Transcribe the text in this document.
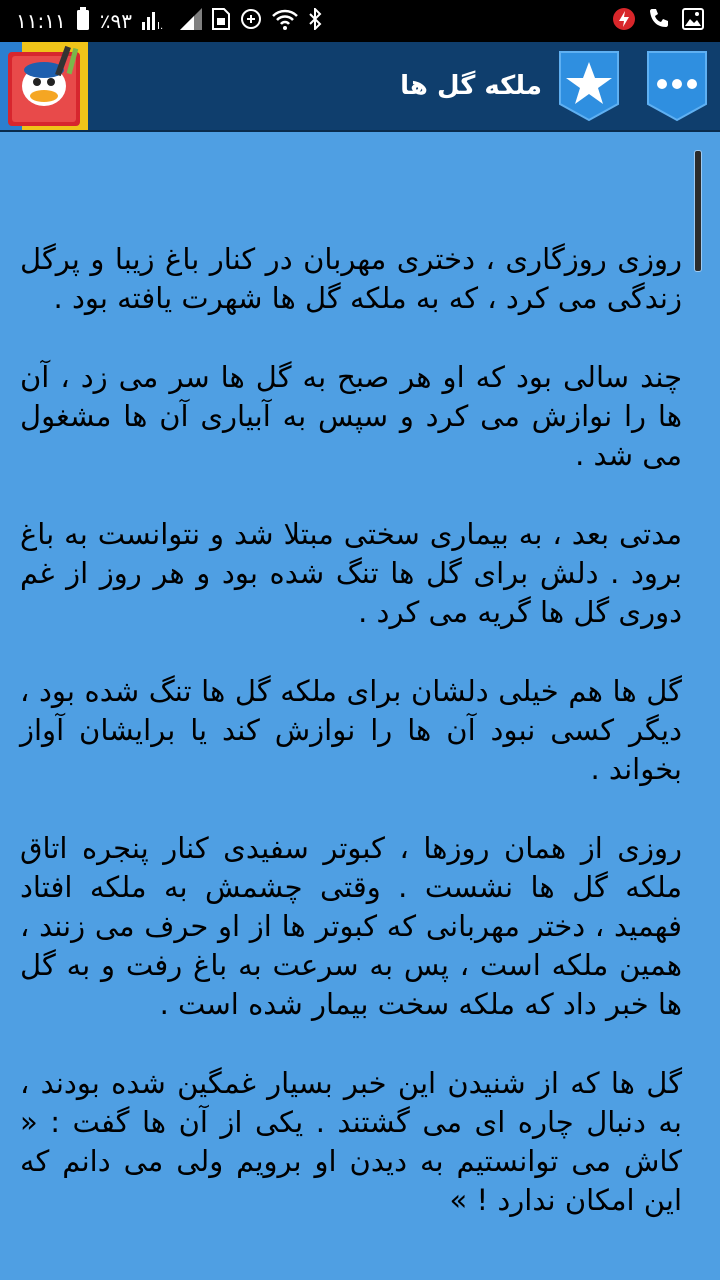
۱۱:۱۱ ٪۹۳	I.
ملکه گل ها

روزی روزگاری ، دختری مهربان در کنار باغ زیبا و پرگل زندگی می کرد ، که به ملکه گل ها شهرت یافته بود .

چند سالی بود که او هر صبح به گل ها سر می زد ، آن ها را نوازش می کرد و سپس به آبیاری آن ها مشغول می شد .

مدتی بعد ، به بیماری سختی مبتلا شد و نتوانست به باغ برود . دلش برای گل ها تنگ شده بود و هر روز از غم دوری گل ها گریه می کرد .

گل ها هم خیلی دلشان برای ملکه گل ها تنگ شده بود ، دیگر کسی نبود آن ها را نوازش کند یا برایشان آواز بخواند .

روزی از همان روزها ، کبوتر سفیدی کنار پنجره اتاق ملکه گل ها نشست . وقتی چشمش به ملکه افتاد فهمید ، دختر مهربانی که کبوتر ها از او حرف می زنند ، همین ملکه است ، پس به سرعت به باغ رفت و به گل ها خبر داد که ملکه سخت بیمار شده است .

گل ها که از شنیدن این خبر بسیار غمگین شده بودند ، به دنبال چاره ای می گشتند . یکی از آن ها گفت : « کاش می توانستیم به دیدن او برویم ولی می دانم که این امکان ندارد ! »
